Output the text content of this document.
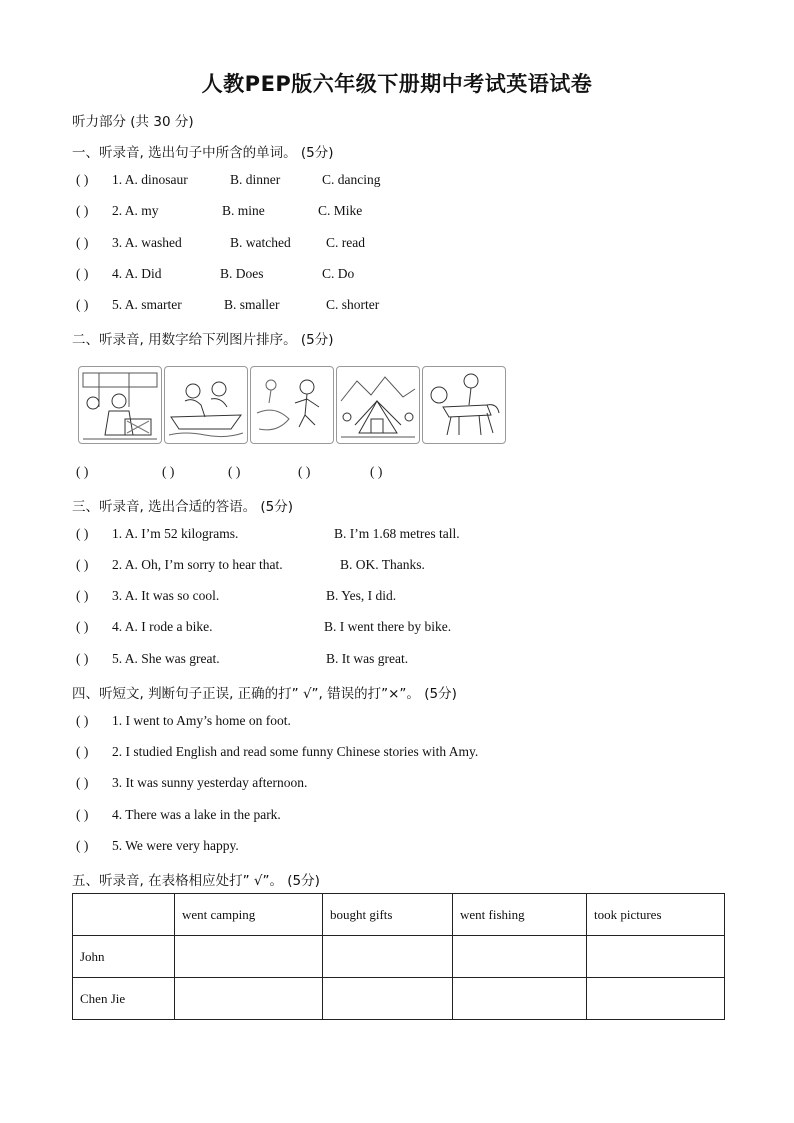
人教PEP版六年级下册期中考试英语试卷
听力部分 (共 30 分)
一、听录音, 选出句子中所含的单词。 (5分)
( ) 1. A. dinosaur	B. dinner	C. dancing
( ) 2. A. my	B. mine	C. Mike
( ) 3. A. washed	B. watched	C. read
( ) 4. A. Did	B. Does	C. Do
( ) 5. A. smarter	B. smaller	C. shorter
二、听录音, 用数字给下列图片排序。 (5分)
( )	( )	( )	( )	( )
三、听录音, 选出合适的答语。 (5分)
( ) 1. A. I’m 52 kilograms.	B. I’m 1.68 metres tall.
( ) 2. A. Oh, I’m sorry to hear that.	B. OK. Thanks.
( ) 3. A. It was so cool.	B. Yes, I did.
( ) 4. A. I rode a bike.	B. I went there by bike.
( ) 5. A. She was great.	B. It was great.
四、听短文, 判断句子正误, 正确的打” √”, 错误的打”×”。 (5分)
( ) 1. I went to Amy’s home on foot.
( ) 2. I studied English and read some funny Chinese stories with Amy.
( ) 3. It was sunny yesterday afternoon.
( ) 4. There was a lake in the park.
( ) 5. We were very happy.
五、听录音, 在表格相应处打” √”。 (5分)
	went camping	bought gifts	went fishing	took pictures
John				
Chen Jie				
